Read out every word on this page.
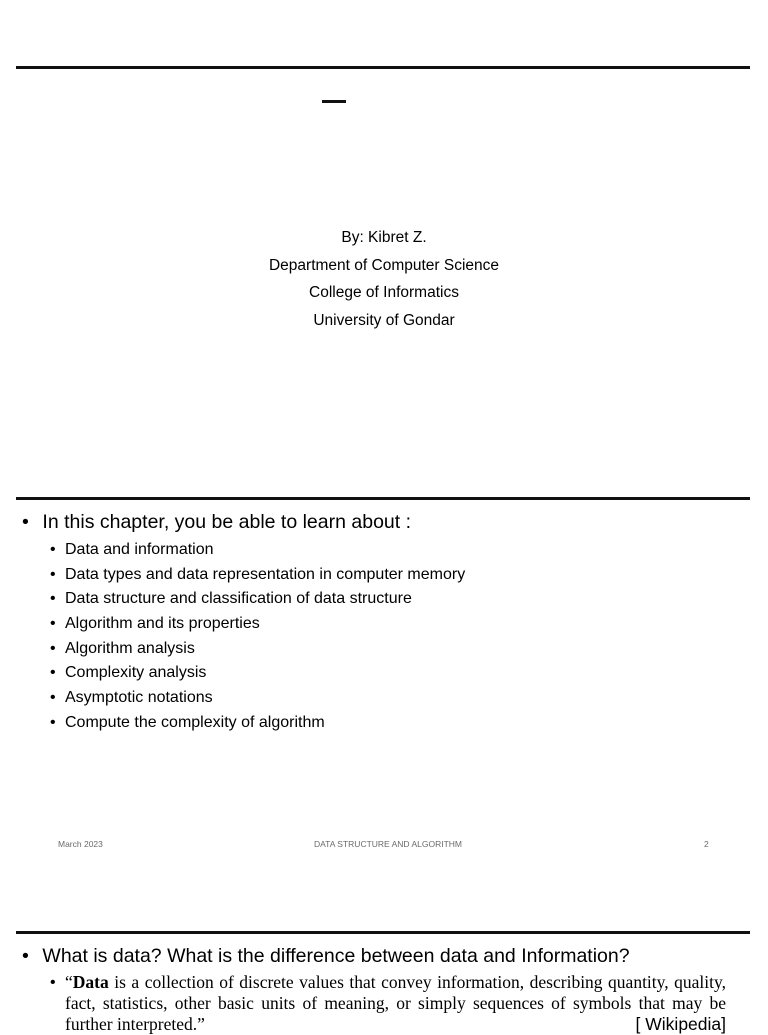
By: Kibret Z.
Department of Computer Science
College of Informatics
University of Gondar
• In this chapter, you be able to learn about :
• Data and information
• Data types and data representation in computer memory
• Data structure and classification of data structure
• Algorithm and its properties
• Algorithm analysis
• Complexity analysis
• Asymptotic notations
• Compute the complexity of algorithm
March 2023	DATA STRUCTURE AND ALGORITHM	2
• What is data? What is the difference between data and Information?
• “Data is a collection of discrete values that convey information, describing quantity, quality, fact, statistics, other basic units of meaning, or simply sequences of symbols that may be further interpreted.”	[ Wikipedia]
